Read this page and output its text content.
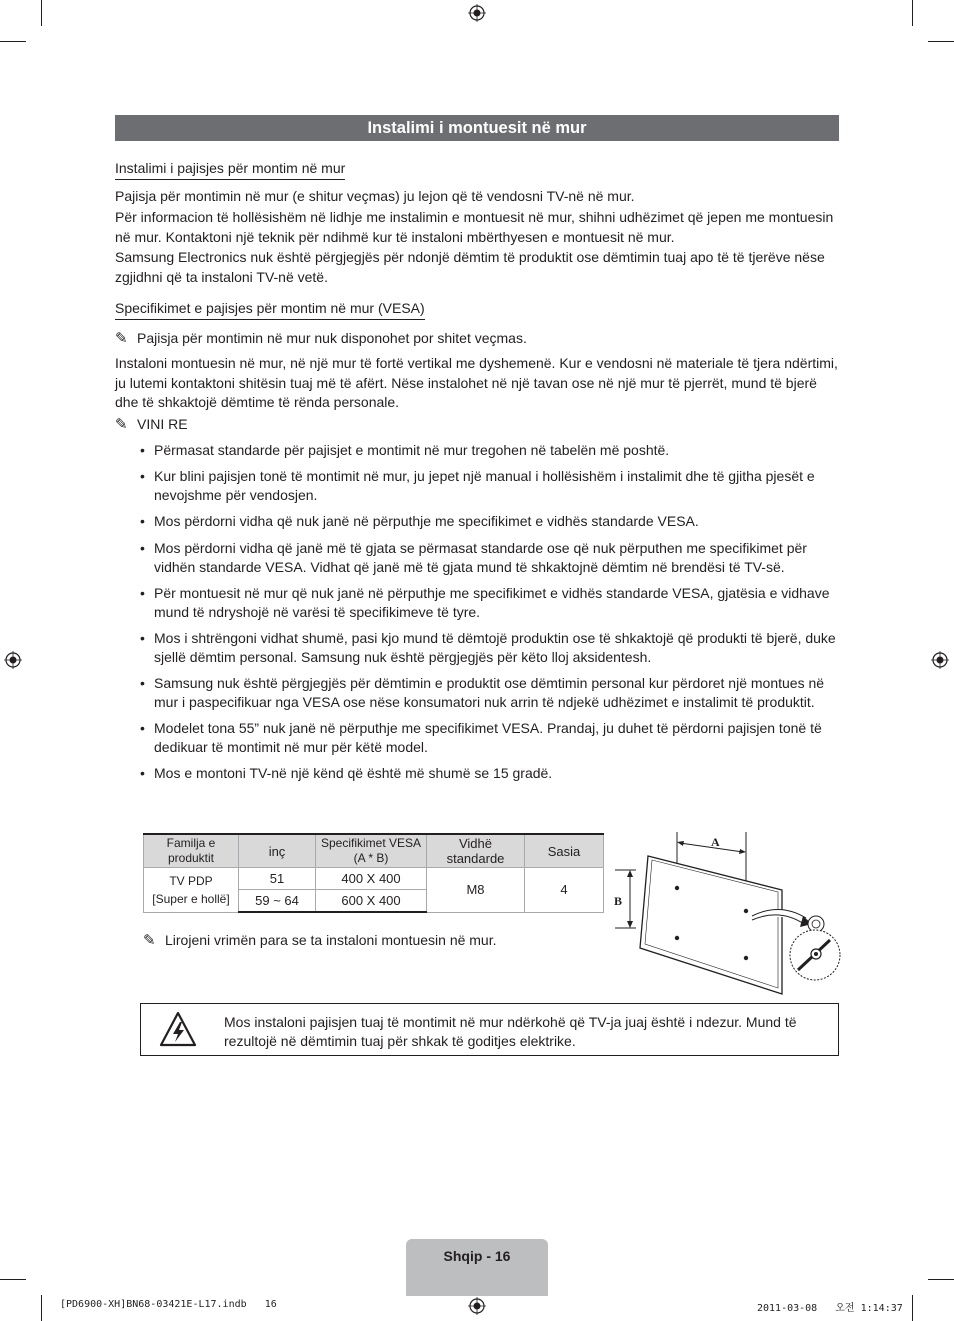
Instalimi i montuesit në mur
Instalimi i pajisjes për montim në mur
Pajisja për montimin në mur (e shitur veçmas) ju lejon që të vendosni TV-në në mur.
Për informacion të hollësishëm në lidhje me instalimin e montuesit në mur, shihni udhëzimet që jepen me montuesin në mur. Kontaktoni një teknik për ndihmë kur të instaloni mbërthyesen e montuesit në mur.
Samsung Electronics nuk është përgjegjës për ndonjë dëmtim të produktit ose dëmtimin tuaj apo të të tjerëve nëse zgjidhni që ta instaloni TV-në vetë.
Specifikimet e pajisjes për montim në mur (VESA)
✎ Pajisja për montimin në mur nuk disponohet por shitet veçmas.
Instaloni montuesin në mur, në një mur të fortë vertikal me dyshemenë. Kur e vendosni në materiale të tjera ndërtimi, ju lutemi kontaktoni shitësin tuaj më të afërt. Nëse instalohet në një tavan ose në një mur të pjerrët, mund të bjerë dhe të shkaktojë dëmtime të rënda personale.
✎ VINI RE
• Përmasat standarde për pajisjet e montimit në mur tregohen në tabelën më poshtë.
• Kur blini pajisjen tonë të montimit në mur, ju jepet një manual i hollësishëm i instalimit dhe të gjitha pjesët e nevojshme për vendosjen.
• Mos përdorni vidha që nuk janë në përputhje me specifikimet e vidhës standarde VESA.
• Mos përdorni vidha që janë më të gjata se përmasat standarde ose që nuk përputhen me specifikimet për vidhën standarde VESA. Vidhat që janë më të gjata mund të shkaktojnë dëmtim në brendësi të TV-së.
• Për montuesit në mur që nuk janë në përputhje me specifikimet e vidhës standarde VESA, gjatësia e vidhave mund të ndryshojë në varësi të specifikimeve të tyre.
• Mos i shtrëngoni vidhat shumë, pasi kjo mund të dëmtojë produktin ose të shkaktojë që produkti të bjerë, duke sjellë dëmtim personal. Samsung nuk është përgjegjës për këto lloj aksidentesh.
• Samsung nuk është përgjegjës për dëmtimin e produktit ose dëmtimin personal kur përdoret një montues në mur i paspecifikuar nga VESA ose nëse konsumatori nuk arrin të ndjekë udhëzimet e instalimit të produktit.
• Modelet tona 55” nuk janë në përputhje me specifikimet VESA. Prandaj, ju duhet të përdorni pajisjen tonë të dedikuar të montimit në mur për këtë model.
• Mos e montoni TV-në një kënd që është më shumë se 15 gradë.
Familja e produktit	inç	Specifikimet VESA (A * B)	Vidhë standarde	Sasia
TV PDP
[Super e hollë]	51	400 X 400	M8	4
	59 ~ 64	600 X 400		
✎ Lirojeni vrimën para se ta instaloni montuesin në mur.
A
B
Mos instaloni pajisjen tuaj të montimit në mur ndërkohë që TV-ja juaj është i ndezur. Mund të rezultojë në dëmtimin tuaj për shkak të goditjes elektrike.
Shqip - 16
[PD6900-XH]BN68-03421E-L17.indb   16	2011-03-08   오전 1:14:37
